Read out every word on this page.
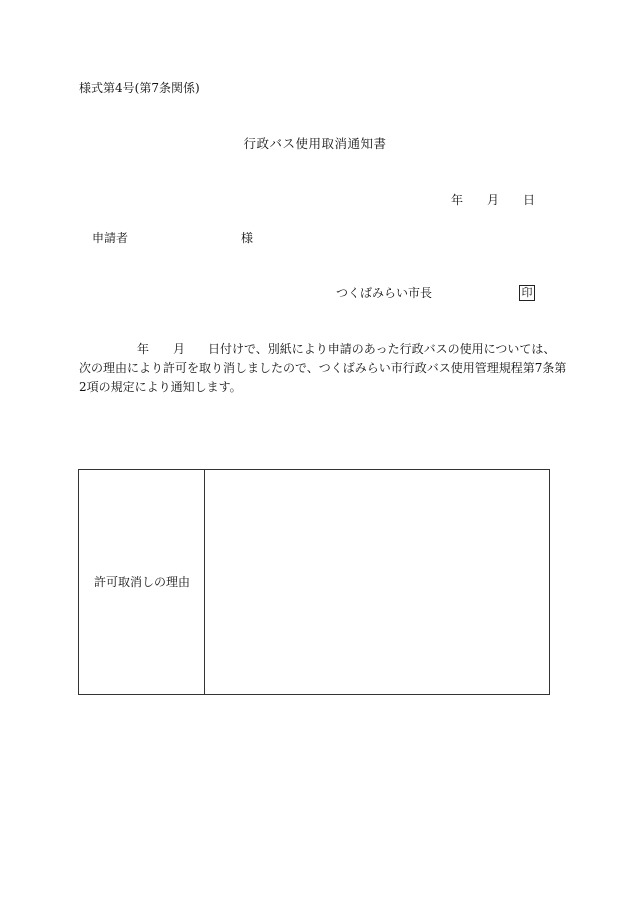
様式第4号(第7条関係)
行政バス使用取消通知書
年 月 日
申請者	様
つくばみらい市長	印
年 月 日付けで、別紙により申請のあった行政バスの使用については、
次の理由により許可を取り消しましたので、つくばみらい市行政バス使用管理規程第7条第
2項の規定により通知します。
許可取消しの理由
